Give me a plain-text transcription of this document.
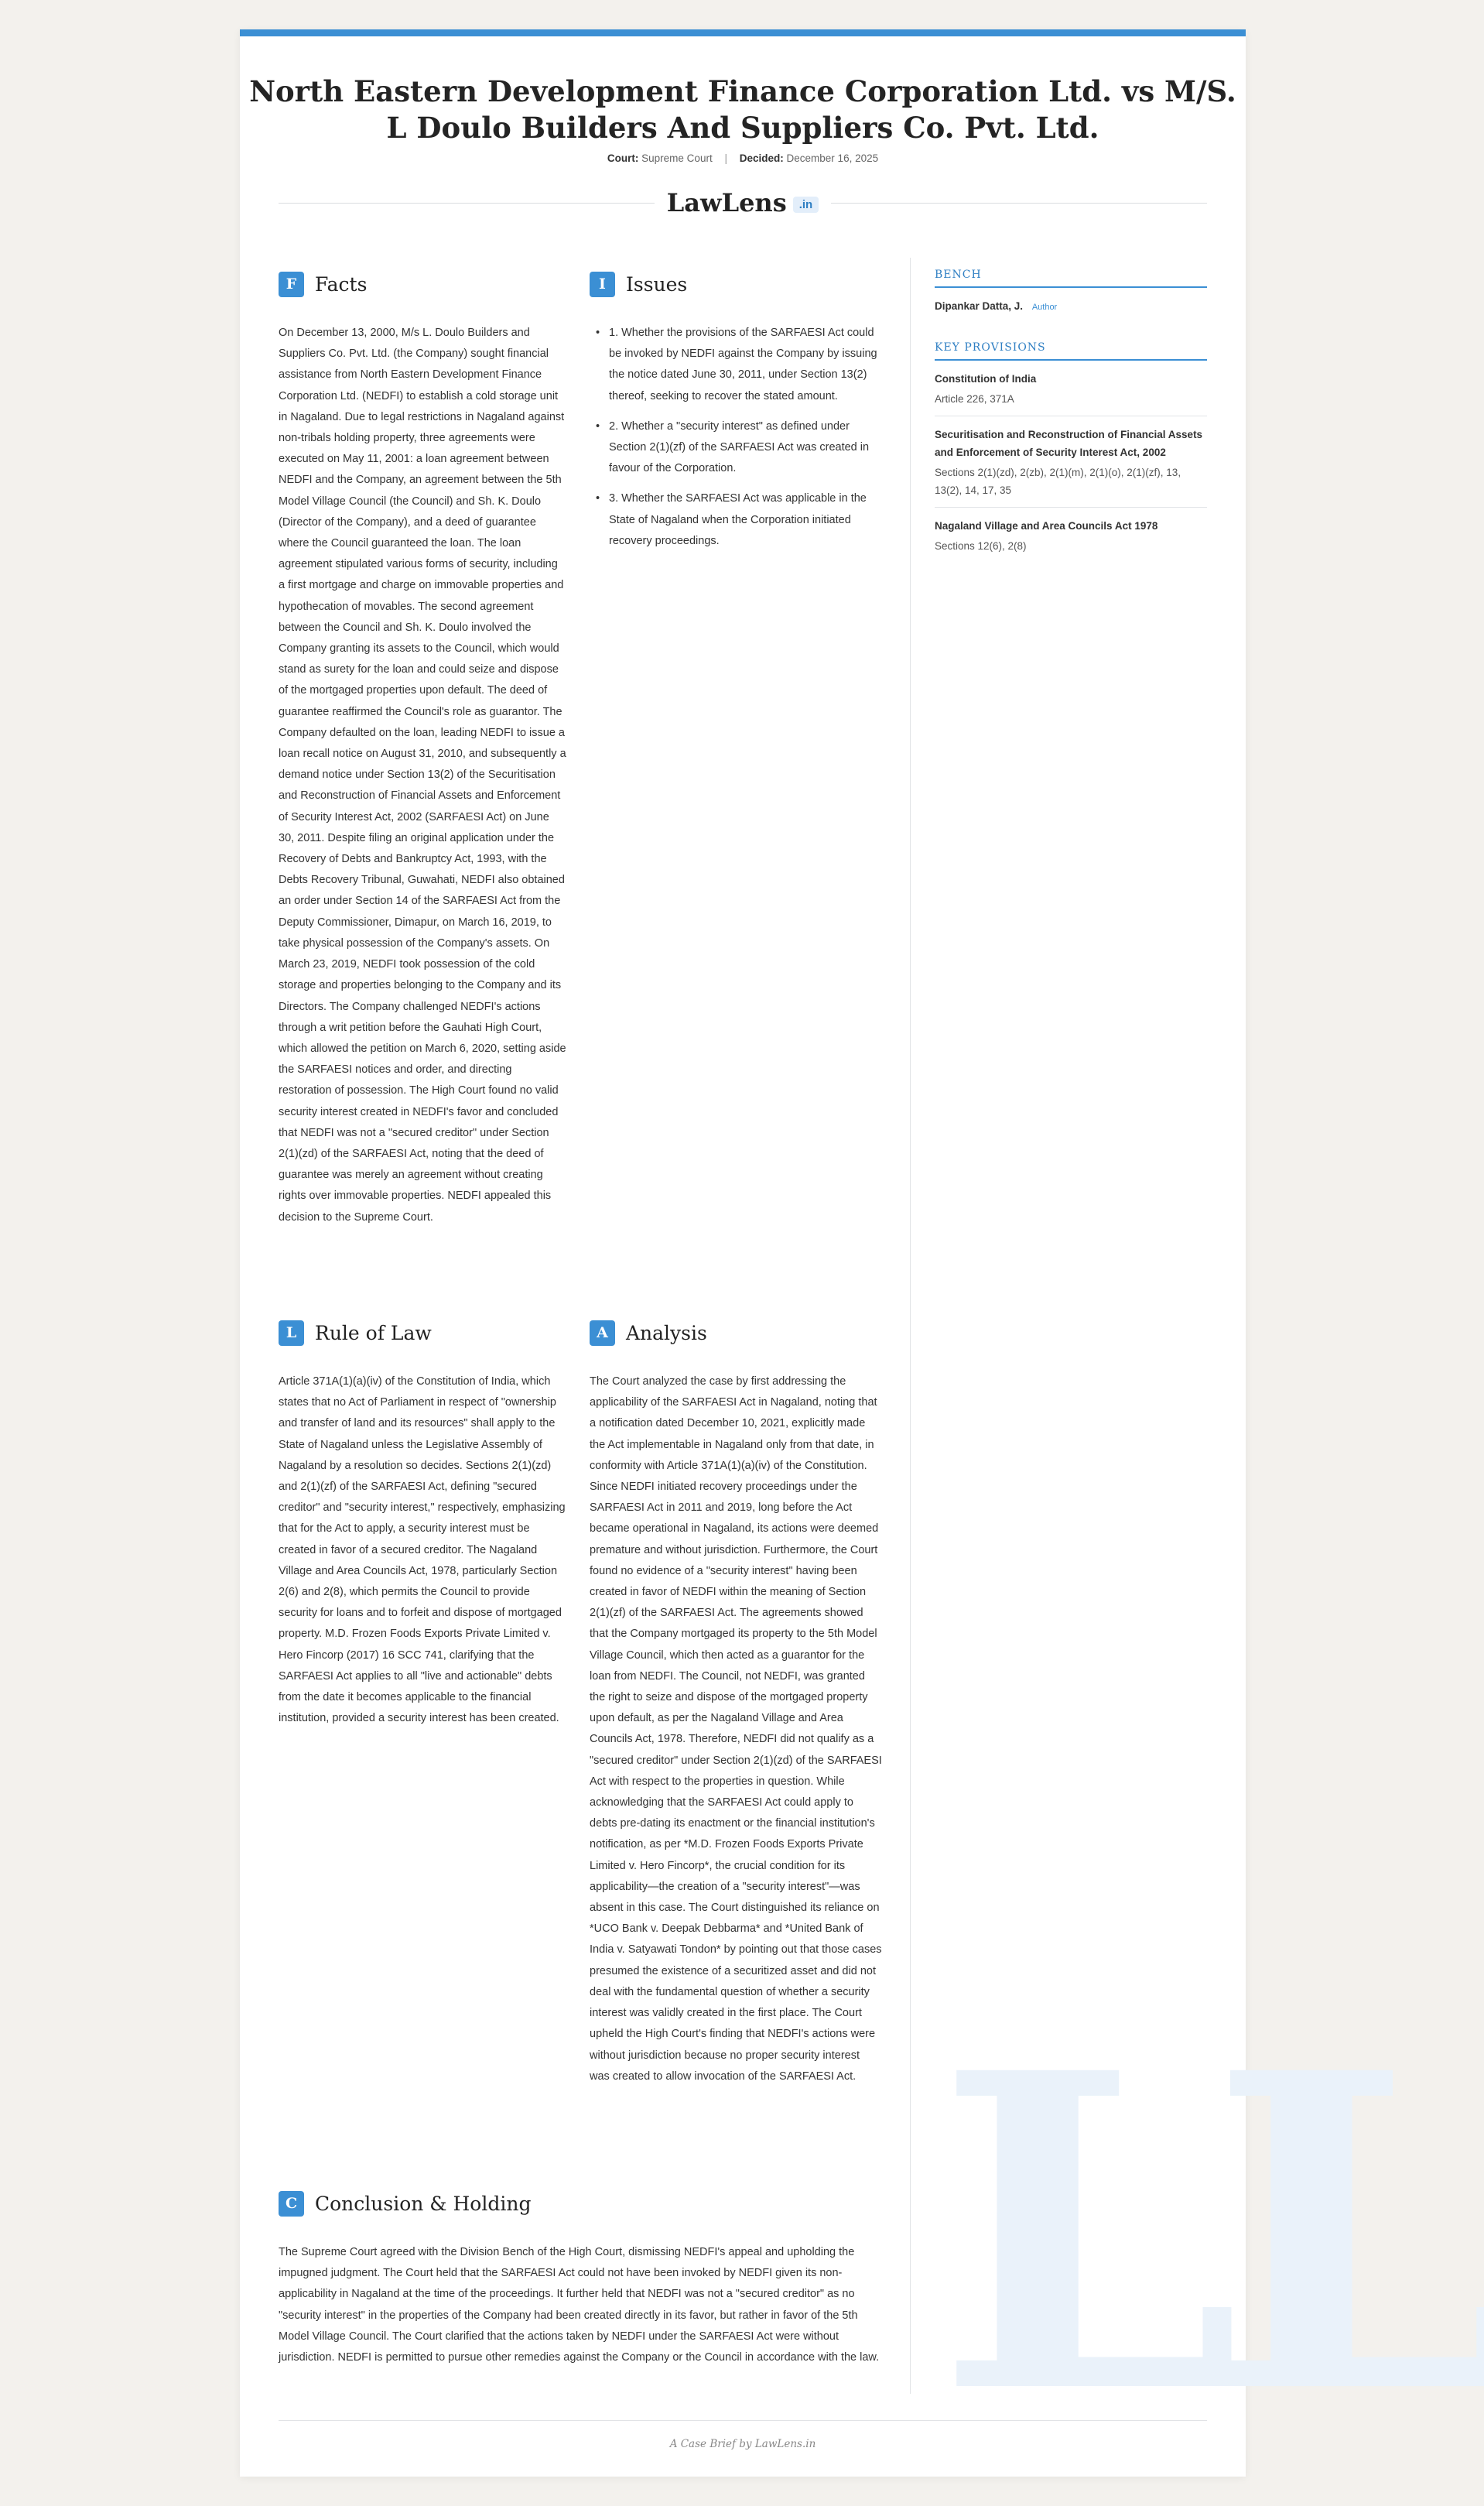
LL
North Eastern Development Finance Corporation Ltd. vs M/S. L Doulo Builders And Suppliers Co. Pvt. Ltd.
Court: Supreme Court | Decided: December 16, 2025
LawLens .in
F Facts
On December 13, 2000, M/s L. Doulo Builders and Suppliers Co. Pvt. Ltd. (the Company) sought financial assistance from North Eastern Development Finance Corporation Ltd. (NEDFI) to establish a cold storage unit in Nagaland. Due to legal restrictions in Nagaland against non-tribals holding property, three agreements were executed on May 11, 2001: a loan agreement between NEDFI and the Company, an agreement between the 5th Model Village Council (the Council) and Sh. K. Doulo (Director of the Company), and a deed of guarantee where the Council guaranteed the loan. The loan agreement stipulated various forms of security, including a first mortgage and charge on immovable properties and hypothecation of movables. The second agreement between the Council and Sh. K. Doulo involved the Company granting its assets to the Council, which would stand as surety for the loan and could seize and dispose of the mortgaged properties upon default. The deed of guarantee reaffirmed the Council's role as guarantor. The Company defaulted on the loan, leading NEDFI to issue a loan recall notice on August 31, 2010, and subsequently a demand notice under Section 13(2) of the Securitisation and Reconstruction of Financial Assets and Enforcement of Security Interest Act, 2002 (SARFAESI Act) on June 30, 2011. Despite filing an original application under the Recovery of Debts and Bankruptcy Act, 1993, with the Debts Recovery Tribunal, Guwahati, NEDFI also obtained an order under Section 14 of the SARFAESI Act from the Deputy Commissioner, Dimapur, on March 16, 2019, to take physical possession of the Company's assets. On March 23, 2019, NEDFI took possession of the cold storage and properties belonging to the Company and its Directors. The Company challenged NEDFI's actions through a writ petition before the Gauhati High Court, which allowed the petition on March 6, 2020, setting aside the SARFAESI notices and order, and directing restoration of possession. The High Court found no valid security interest created in NEDFI's favor and concluded that NEDFI was not a "secured creditor" under Section 2(1)(zd) of the SARFAESI Act, noting that the deed of guarantee was merely an agreement without creating rights over immovable properties. NEDFI appealed this decision to the Supreme Court.
I	Issues
• 1. Whether the provisions of the SARFAESI Act could be invoked by NEDFI against the Company by issuing the notice dated June 30, 2011, under Section 13(2) thereof, seeking to recover the stated amount.
• 2. Whether a "security interest" as defined under Section 2(1)(zf) of the SARFAESI Act was created in favour of the Corporation.
• 3. Whether the SARFAESI Act was applicable in the State of Nagaland when the Corporation initiated recovery proceedings.
L Rule of Law
Article 371A(1)(a)(iv) of the Constitution of India, which states that no Act of Parliament in respect of "ownership and transfer of land and its resources" shall apply to the State of Nagaland unless the Legislative Assembly of Nagaland by a resolution so decides. Sections 2(1)(zd) and 2(1)(zf) of the SARFAESI Act, defining "secured creditor" and "security interest," respectively, emphasizing that for the Act to apply, a security interest must be created in favor of a secured creditor. The Nagaland Village and Area Councils Act, 1978, particularly Section 2(6) and 2(8), which permits the Council to provide security for loans and to forfeit and dispose of mortgaged property. M.D. Frozen Foods Exports Private Limited v. Hero Fincorp (2017) 16 SCC 741, clarifying that the SARFAESI Act applies to all "live and actionable" debts from the date it becomes applicable to the financial institution, provided a security interest has been created.
A Analysis
The Court analyzed the case by first addressing the applicability of the SARFAESI Act in Nagaland, noting that a notification dated December 10, 2021, explicitly made the Act implementable in Nagaland only from that date, in conformity with Article 371A(1)(a)(iv) of the Constitution. Since NEDFI initiated recovery proceedings under the SARFAESI Act in 2011 and 2019, long before the Act became operational in Nagaland, its actions were deemed premature and without jurisdiction. Furthermore, the Court found no evidence of a "security interest" having been created in favor of NEDFI within the meaning of Section 2(1)(zf) of the SARFAESI Act. The agreements showed that the Company mortgaged its property to the 5th Model Village Council, which then acted as a guarantor for the loan from NEDFI. The Council, not NEDFI, was granted the right to seize and dispose of the mortgaged property upon default, as per the Nagaland Village and Area Councils Act, 1978. Therefore, NEDFI did not qualify as a "secured creditor" under Section 2(1)(zd) of the SARFAESI Act with respect to the properties in question. While acknowledging that the SARFAESI Act could apply to debts pre-dating its enactment or the financial institution's notification, as per *M.D. Frozen Foods Exports Private Limited v. Hero Fincorp*, the crucial condition for its applicability—the creation of a "security interest"—was absent in this case. The Court distinguished its reliance on *UCO Bank v. Deepak Debbarma* and *United Bank of India v. Satyawati Tondon* by pointing out that those cases presumed the existence of a securitized asset and did not deal with the fundamental question of whether a security interest was validly created in the first place. The Court upheld the High Court's finding that NEDFI's actions were without jurisdiction because no proper security interest was created to allow invocation of the SARFAESI Act.
C Conclusion & Holding
The Supreme Court agreed with the Division Bench of the High Court, dismissing NEDFI's appeal and upholding the impugned judgment. The Court held that the SARFAESI Act could not have been invoked by NEDFI given its non-applicability in Nagaland at the time of the proceedings. It further held that NEDFI was not a "secured creditor" as no "security interest" in the properties of the Company had been created directly in its favor, but rather in favor of the 5th Model Village Council. The Court clarified that the actions taken by NEDFI under the SARFAESI Act were without jurisdiction. NEDFI is permitted to pursue other remedies against the Company or the Council in accordance with the law.
BENCH
Dipankar Datta, J. Author
KEY PROVISIONS
Constitution of India
Article 226, 371A
Securitisation and Reconstruction of Financial Assets and Enforcement of Security Interest Act, 2002
Sections 2(1)(zd), 2(zb), 2(1)(m), 2(1)(o), 2(1)(zf), 13, 13(2), 14, 17, 35
Nagaland Village and Area Councils Act 1978
Sections 12(6), 2(8)
A Case Brief by LawLens.in
